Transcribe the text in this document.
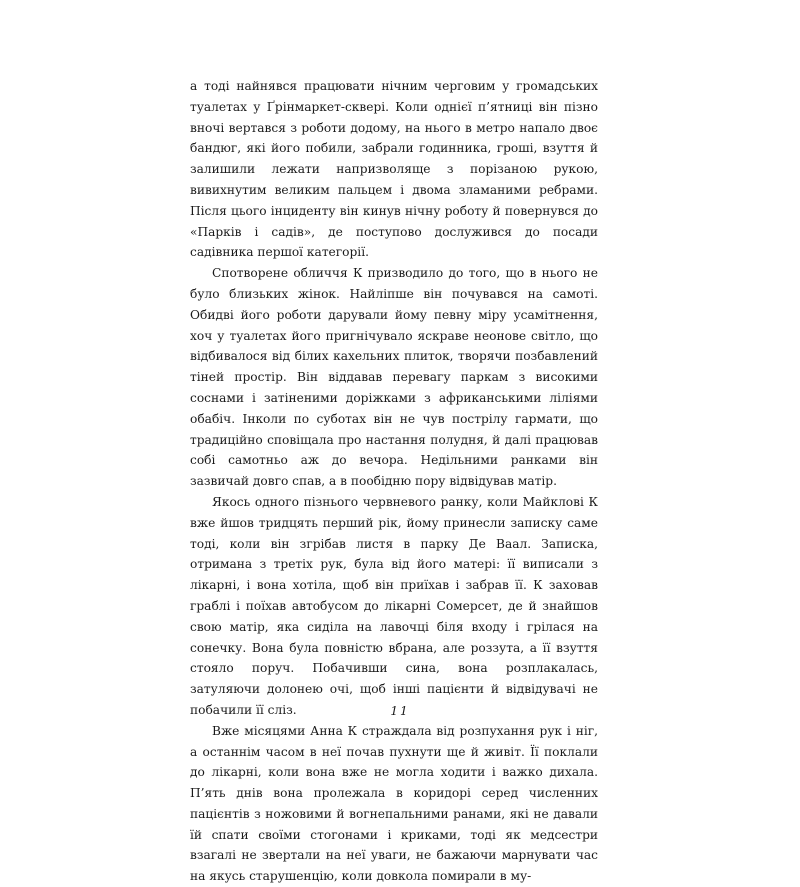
а тоді найнявся працювати нічним черговим у громадських туалетах у Ґрінмаркет-сквері. Коли однієї п’ятниці він пізно вночі вертався з роботи додому, на нього в метро напало двоє бандюг, які його побили, забрали годинника, гроші, взуття й залишили лежати напризволяще з порізаною рукою, вивихнутим великим пальцем і двома зламаними ребрами. Після цього інциденту він кинув нічну роботу й повернувся до «Парків і садів», де поступово дослужився до посади садівника першої категорії.

Спотворене обличчя К призводило до того, що в нього не було близьких жінок. Найліпше він почувався на самоті. Обидві його роботи дарували йому певну міру усамітнення, хоч у туалетах його пригнічувало яскраве неонове світло, що відбивалося від білих кахельних плиток, творячи позбавлений тіней простір. Він віддавав перевагу паркам з високими соснами і затіненими доріжками з африканськими ліліями обабіч. Інколи по суботах він не чув пострілу гармати, що традиційно сповіщала про настання полудня, й далі працював собі самотньо аж до вечора. Недільними ранками він зазвичай довго спав, а в пообідню пору відвідував матір.

Якось одного пізнього червневого ранку, коли Майклові К вже йшов тридцять перший рік, йому принесли записку саме тоді, коли він згрібав листя в парку Де Ваал. Записка, отримана з третіх рук, була від його матері: її виписали з лікарні, і вона хотіла, щоб він приїхав і забрав її. К заховав граблі і поїхав автобусом до лікарні Сомерсет, де й знайшов свою матір, яка сиділа на лавочці біля входу і грілася на сонечку. Вона була повністю вбрана, але роззута, а її взуття стояло поруч. Побачивши сина, вона розплакалась, затуляючи долонею очі, щоб інші пацієнти й відвідувачі не побачили її сліз.

Вже місяцями Анна К страждала від розпухання рук і ніг, а останнім часом в неї почав пухнути ще й живіт. Її поклали до лікарні, коли вона вже не могла ходити і важко дихала. П’ять днів вона пролежала в коридорі серед численних пацієнтів з ножовими й вогнепальними ранами, які не давали їй спати своїми стогонами і криками, тоді як медсестри взагалі не звертали на неї уваги, не бажаючи марнувати час на якусь старушенцію, коли довкола помирали в му-

11
